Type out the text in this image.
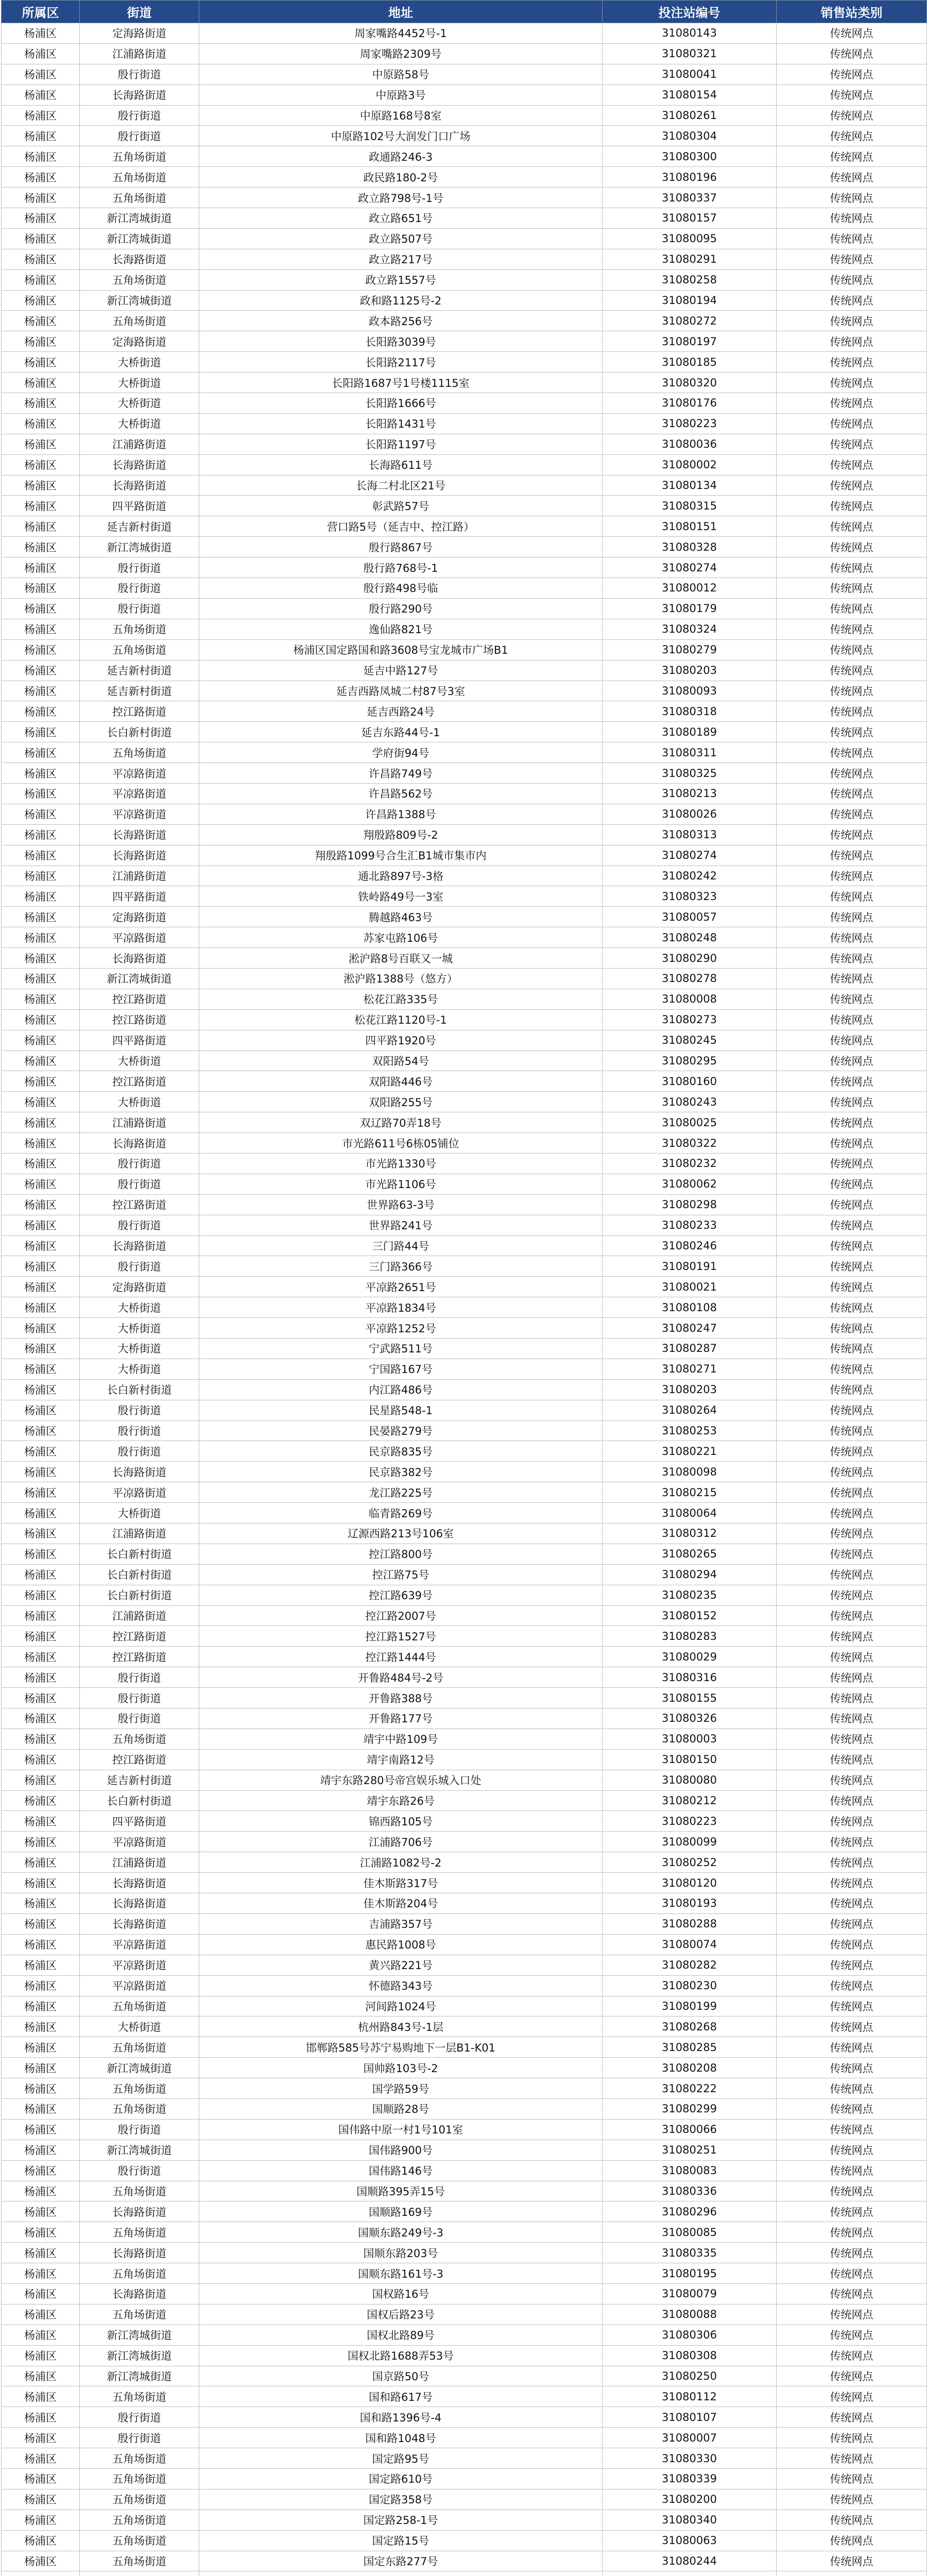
所属区	街道	地址	投注站编号	销售站类别
杨浦区	定海路街道	周家嘴路4452号-1	31080143	传统网点
杨浦区	江浦路街道	周家嘴路2309号	31080321	传统网点
杨浦区	殷行街道	中原路58号	31080041	传统网点
杨浦区	长海路街道	中原路3号	31080154	传统网点
杨浦区	殷行街道	中原路168号8室	31080261	传统网点
杨浦区	殷行街道	中原路102号大润发门口广场	31080304	传统网点
杨浦区	五角场街道	政通路246-3	31080300	传统网点
杨浦区	五角场街道	政民路180-2号	31080196	传统网点
杨浦区	五角场街道	政立路798号-1号	31080337	传统网点
杨浦区	新江湾城街道	政立路651号	31080157	传统网点
杨浦区	新江湾城街道	政立路507号	31080095	传统网点
杨浦区	长海路街道	政立路217号	31080291	传统网点
杨浦区	五角场街道	政立路1557号	31080258	传统网点
杨浦区	新江湾城街道	政和路1125号-2	31080194	传统网点
杨浦区	五角场街道	政本路256号	31080272	传统网点
杨浦区	定海路街道	长阳路3039号	31080197	传统网点
杨浦区	大桥街道	长阳路2117号	31080185	传统网点
杨浦区	大桥街道	长阳路1687号1号楼1115室	31080320	传统网点
杨浦区	大桥街道	长阳路1666号	31080176	传统网点
杨浦区	大桥街道	长阳路1431号	31080223	传统网点
杨浦区	江浦路街道	长阳路1197号	31080036	传统网点
杨浦区	长海路街道	长海路611号	31080002	传统网点
杨浦区	长海路街道	长海二村北区21号	31080134	传统网点
杨浦区	四平路街道	彰武路57号	31080315	传统网点
杨浦区	延吉新村街道	营口路5号（延吉中、控江路）	31080151	传统网点
杨浦区	新江湾城街道	殷行路867号	31080328	传统网点
杨浦区	殷行街道	殷行路768号-1	31080274	传统网点
杨浦区	殷行街道	殷行路498号临	31080012	传统网点
杨浦区	殷行街道	殷行路290号	31080179	传统网点
杨浦区	五角场街道	逸仙路821号	31080324	传统网点
杨浦区	五角场街道	杨浦区国定路国和路3608号宝龙城市广场B1	31080279	传统网点
杨浦区	延吉新村街道	延吉中路127号	31080203	传统网点
杨浦区	延吉新村街道	延吉西路凤城二村87号3室	31080093	传统网点
杨浦区	控江路街道	延吉西路24号	31080318	传统网点
杨浦区	长白新村街道	延吉东路44号-1	31080189	传统网点
杨浦区	五角场街道	学府街94号	31080311	传统网点
杨浦区	平凉路街道	许昌路749号	31080325	传统网点
杨浦区	平凉路街道	许昌路562号	31080213	传统网点
杨浦区	平凉路街道	许昌路1388号	31080026	传统网点
杨浦区	长海路街道	翔殷路809号-2	31080313	传统网点
杨浦区	长海路街道	翔殷路1099号合生汇B1城市集市内	31080274	传统网点
杨浦区	江浦路街道	通北路897号-3格	31080242	传统网点
杨浦区	四平路街道	铁岭路49号一3室	31080323	传统网点
杨浦区	定海路街道	腾越路463号	31080057	传统网点
杨浦区	平凉路街道	苏家屯路106号	31080248	传统网点
杨浦区	长海路街道	淞沪路8号百联又一城	31080290	传统网点
杨浦区	新江湾城街道	淞沪路1388号（悠方）	31080278	传统网点
杨浦区	控江路街道	松花江路335号	31080008	传统网点
杨浦区	控江路街道	松花江路1120号-1	31080273	传统网点
杨浦区	四平路街道	四平路1920号	31080245	传统网点
杨浦区	大桥街道	双阳路54号	31080295	传统网点
杨浦区	控江路街道	双阳路446号	31080160	传统网点
杨浦区	大桥街道	双阳路255号	31080243	传统网点
杨浦区	江浦路街道	双辽路70弄18号	31080025	传统网点
杨浦区	长海路街道	市光路611号6栋05铺位	31080322	传统网点
杨浦区	殷行街道	市光路1330号	31080232	传统网点
杨浦区	殷行街道	市光路1106号	31080062	传统网点
杨浦区	控江路街道	世界路63-3号	31080298	传统网点
杨浦区	殷行街道	世界路241号	31080233	传统网点
杨浦区	长海路街道	三门路44号	31080246	传统网点
杨浦区	殷行街道	三门路366号	31080191	传统网点
杨浦区	定海路街道	平凉路2651号	31080021	传统网点
杨浦区	大桥街道	平凉路1834号	31080108	传统网点
杨浦区	大桥街道	平凉路1252号	31080247	传统网点
杨浦区	大桥街道	宁武路511号	31080287	传统网点
杨浦区	大桥街道	宁国路167号	31080271	传统网点
杨浦区	长白新村街道	内江路486号	31080203	传统网点
杨浦区	殷行街道	民星路548-1	31080264	传统网点
杨浦区	殷行街道	民晏路279号	31080253	传统网点
杨浦区	殷行街道	民京路835号	31080221	传统网点
杨浦区	长海路街道	民京路382号	31080098	传统网点
杨浦区	平凉路街道	龙江路225号	31080215	传统网点
杨浦区	大桥街道	临青路269号	31080064	传统网点
杨浦区	江浦路街道	辽源西路213号106室	31080312	传统网点
杨浦区	长白新村街道	控江路800号	31080265	传统网点
杨浦区	长白新村街道	控江路75号	31080294	传统网点
杨浦区	长白新村街道	控江路639号	31080235	传统网点
杨浦区	江浦路街道	控江路2007号	31080152	传统网点
杨浦区	控江路街道	控江路1527号	31080283	传统网点
杨浦区	控江路街道	控江路1444号	31080029	传统网点
杨浦区	殷行街道	开鲁路484号-2号	31080316	传统网点
杨浦区	殷行街道	开鲁路388号	31080155	传统网点
杨浦区	殷行街道	开鲁路177号	31080326	传统网点
杨浦区	五角场街道	靖宇中路109号	31080003	传统网点
杨浦区	控江路街道	靖宇南路12号	31080150	传统网点
杨浦区	延吉新村街道	靖宇东路280号帝宫娱乐城入口处	31080080	传统网点
杨浦区	长白新村街道	靖宇东路26号	31080212	传统网点
杨浦区	四平路街道	锦西路105号	31080223	传统网点
杨浦区	平凉路街道	江浦路706号	31080099	传统网点
杨浦区	江浦路街道	江浦路1082号-2	31080252	传统网点
杨浦区	长海路街道	佳木斯路317号	31080120	传统网点
杨浦区	长海路街道	佳木斯路204号	31080193	传统网点
杨浦区	长海路街道	吉浦路357号	31080288	传统网点
杨浦区	平凉路街道	惠民路1008号	31080074	传统网点
杨浦区	平凉路街道	黄兴路221号	31080282	传统网点
杨浦区	平凉路街道	怀德路343号	31080230	传统网点
杨浦区	五角场街道	河间路1024号	31080199	传统网点
杨浦区	大桥街道	杭州路843号-1层	31080268	传统网点
杨浦区	五角场街道	邯郸路585号苏宁易购地下一层B1-K01	31080285	传统网点
杨浦区	新江湾城街道	国帅路103号-2	31080208	传统网点
杨浦区	五角场街道	国学路59号	31080222	传统网点
杨浦区	五角场街道	国顺路28号	31080299	传统网点
杨浦区	殷行街道	国伟路中原一村1号101室	31080066	传统网点
杨浦区	新江湾城街道	国伟路900号	31080251	传统网点
杨浦区	殷行街道	国伟路146号	31080083	传统网点
杨浦区	五角场街道	国顺路395弄15号	31080336	传统网点
杨浦区	长海路街道	国顺路169号	31080296	传统网点
杨浦区	五角场街道	国顺东路249号-3	31080085	传统网点
杨浦区	长海路街道	国顺东路203号	31080335	传统网点
杨浦区	五角场街道	国顺东路161号-3	31080195	传统网点
杨浦区	长海路街道	国权路16号	31080079	传统网点
杨浦区	五角场街道	国权后路23号	31080088	传统网点
杨浦区	新江湾城街道	国权北路89号	31080306	传统网点
杨浦区	新江湾城街道	国权北路1688弄53号	31080308	传统网点
杨浦区	新江湾城街道	国京路50号	31080250	传统网点
杨浦区	五角场街道	国和路617号	31080112	传统网点
杨浦区	殷行街道	国和路1396号-4	31080107	传统网点
杨浦区	殷行街道	国和路1048号	31080007	传统网点
杨浦区	五角场街道	国定路95号	31080330	传统网点
杨浦区	五角场街道	国定路610号	31080339	传统网点
杨浦区	五角场街道	国定路358号	31080200	传统网点
杨浦区	五角场街道	国定路258-1号	31080340	传统网点
杨浦区	五角场街道	国定路15号	31080063	传统网点
杨浦区	五角场街道	国定东路277号	31080244	传统网点
